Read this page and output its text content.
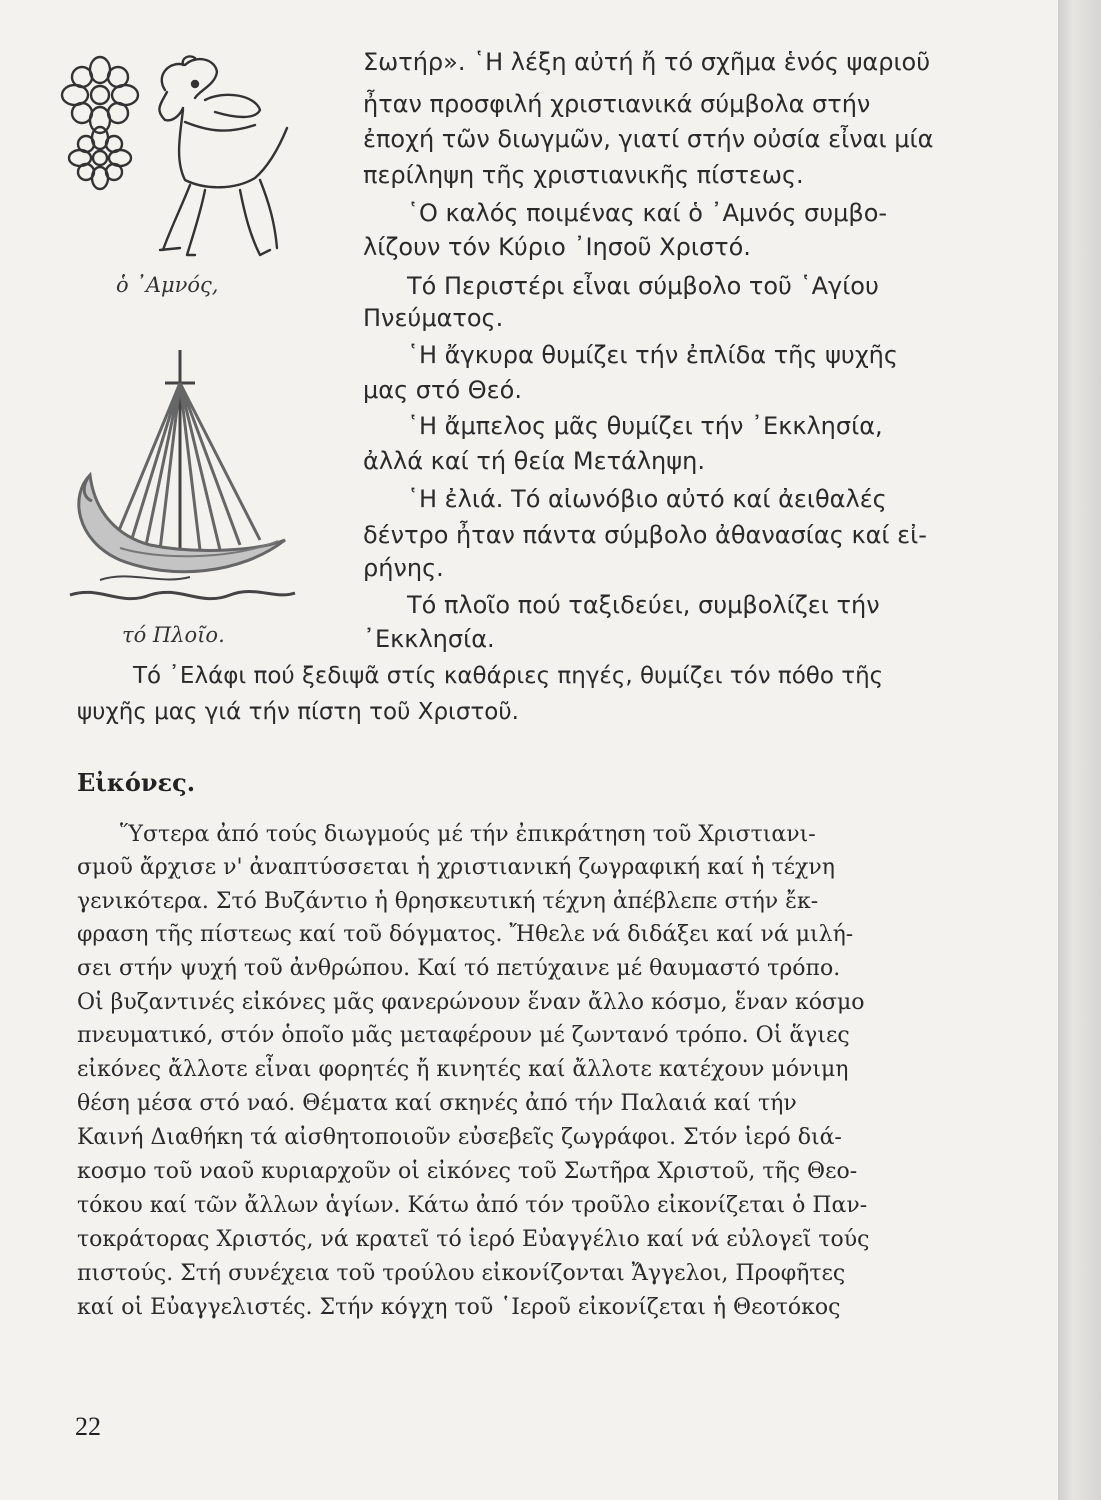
ὁ ᾿Αμνός,
τό Πλοῖο.
Σωτήρ». ῾Η λέξη αὐτή ἤ τό σχῆμα ἑνός ψαριοῦ
ἦταν προσφιλή χριστιανικά σύμβολα στήν
ἐποχή τῶν διωγμῶν, γιατί στήν οὐσία εἶναι μία
περίληψη τῆς χριστιανικῆς πίστεως.
῾Ο καλός ποιμένας καί ὁ ᾿Αμνός συμβο-
λίζουν τόν Κύριο ᾿Ιησοῦ Χριστό.
Τό Περιστέρι εἶναι σύμβολο τοῦ ῾Αγίου
Πνεύματος.
῾Η ἄγκυρα θυμίζει τήν ἐπλίδα τῆς ψυχῆς
μας στό Θεό.
῾Η ἄμπελος μᾶς θυμίζει τήν ᾿Εκκλησία,
ἀλλά καί τή θεία Μετάληψη.
῾Η ἐλιά. Τό αἰωνόβιο αὐτό καί ἀειθαλές
δέντρο ἦταν πάντα σύμβολο ἀθανασίας καί εἰ-
ρήνης.
Τό πλοῖο πού ταξιδεύει, συμβολίζει τήν
᾿Εκκλησία.
Τό ᾿Ελάφι πού ξεδιψᾶ στίς καθάριες πηγές, θυμίζει τόν πόθο τῆς
ψυχῆς μας γιά τήν πίστη τοῦ Χριστοῦ.
Εἰκόνες.
Ὕστερα ἀπό τούς διωγμούς μέ τήν ἐπικράτηση τοῦ Χριστιανι-
σμοῦ ἄρχισε ν' ἀναπτύσσεται ἡ χριστιανική ζωγραφική καί ἡ τέχνη
γενικότερα. Στό Βυζάντιο ἡ θρησκευτική τέχνη ἀπέβλεπε στήν ἔκ-
φραση τῆς πίστεως καί τοῦ δόγματος. Ἤθελε νά διδάξει καί νά μιλή-
σει στήν ψυχή τοῦ ἀνθρώπου. Καί τό πετύχαινε μέ θαυμαστό τρόπο.
Οἱ βυζαντινές εἰκόνες μᾶς φανερώνουν ἕναν ἄλλο κόσμο, ἕναν κόσμο
πνευματικό, στόν ὁποῖο μᾶς μεταφέρουν μέ ζωντανό τρόπο. Οἱ ἅγιες
εἰκόνες ἄλλοτε εἶναι φορητές ἤ κινητές καί ἄλλοτε κατέχουν μόνιμη
θέση μέσα στό ναό. Θέματα καί σκηνές ἀπό τήν Παλαιά καί τήν
Καινή Διαθήκη τά αἰσθητοποιοῦν εὐσεβεῖς ζωγράφοι. Στόν ἱερό διά-
κοσμο τοῦ ναοῦ κυριαρχοῦν οἱ εἰκόνες τοῦ Σωτῆρα Χριστοῦ, τῆς Θεο-
τόκου καί τῶν ἄλλων ἁγίων. Κάτω ἀπό τόν τροῦλο εἰκονίζεται ὁ Παν-
τοκράτορας Χριστός, νά κρατεῖ τό ἱερό Εὐαγγέλιο καί νά εὐλογεῖ τούς
πιστούς. Στή συνέχεια τοῦ τρούλου εἰκονίζονται Ἄγγελοι, Προφῆτες
καί οἱ Εὐαγγελιστές. Στήν κόγχη τοῦ ῾Ιεροῦ εἰκονίζεται ἡ Θεοτόκος
22
